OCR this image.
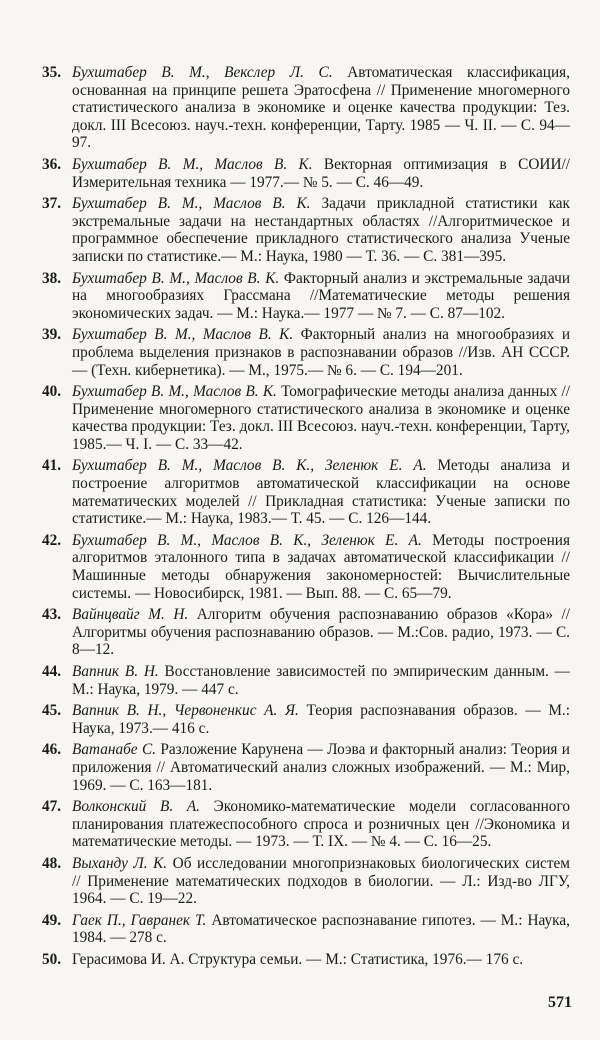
35. Бухштабер В. М., Векслер Л. С. Автоматическая классификация, основанная на принципе решета Эратосфена // Применение многомерного статистического анализа в экономике и оценке качества продукции: Тез. докл. III Всесоюз. науч.-техн. конференции, Тарту. 1985 — Ч. II. — С. 94—97.
36. Бухштабер В. М., Маслов В. К. Векторная оптимизация в СОИИ//Измерительная техника — 1977.— № 5. — С. 46—49.
37. Бухштабер В. М., Маслов В. К. Задачи прикладной статистики как экстремальные задачи на нестандартных областях //Алгоритмическое и программное обеспечение прикладного статистического анализа Ученые записки по статистике.— М.: Наука, 1980 — Т. 36. — С. 381—395.
38. Бухштабер В. М., Маслов В. К. Факторный анализ и экстремальные задачи на многообразиях Грассмана //Математические методы решения экономических задач. — М.: Наука.— 1977 — № 7. — С. 87—102.
39. Бухштабер В. М., Маслов В. К. Факторный анализ на многообразиях и проблема выделения признаков в распознавании образов //Изв. АН СССР. — (Техн. кибернетика). — М., 1975.— № 6. — С. 194—201.
40. Бухштабер В. М., Маслов В. К. Томографические методы анализа данных // Применение многомерного статистического анализа в экономике и оценке качества продукции: Тез. докл. III Всесоюз. науч.-техн. конференции, Тарту, 1985.— Ч. I. — С. 33—42.
41. Бухштабер В. М., Маслов В. К., Зеленюк Е. А. Методы анализа и построение алгоритмов автоматической классификации на основе математических моделей // Прикладная статистика: Ученые записки по статистике.— М.: Наука, 1983.— Т. 45. — С. 126—144.
42. Бухштабер В. М., Маслов В. К., Зеленюк Е. А. Методы построения алгоритмов эталонного типа в задачах автоматической классификации // Машинные методы обнаружения закономерностей: Вычислительные системы. — Новосибирск, 1981. — Вып. 88. — С. 65—79.
43. Вайнцвайг М. Н. Алгоритм обучения распознаванию образов «Кора» // Алгоритмы обучения распознаванию образов. — М.:Сов. радио, 1973. — С. 8—12.
44. Вапник В. Н. Восстановление зависимостей по эмпирическим данным. — М.: Наука, 1979. — 447 с.
45. Вапник В. Н., Червоненкис А. Я. Теория распознавания образов. — М.: Наука, 1973.— 416 с.
46. Ватанабе С. Разложение Карунена — Лоэва и факторный анализ: Теория и приложения // Автоматический анализ сложных изображений. — М.: Мир, 1969. — С. 163—181.
47. Волконский В. А. Экономико-математические модели согласованного планирования платежеспособного спроса и розничных цен //Экономика и математические методы. — 1973. — Т. IX. — № 4. — С. 16—25.
48. Выханду Л. К. Об исследовании многопризнаковых биологических систем // Применение математических подходов в биологии. — Л.: Изд-во ЛГУ, 1964. — С. 19—22.
49. Гаек П., Гавранек Т. Автоматическое распознавание гипотез. — М.: Наука, 1984. — 278 с.
50. Герасимова И. А. Структура семьи. — М.: Статистика, 1976.— 176 с.
571
